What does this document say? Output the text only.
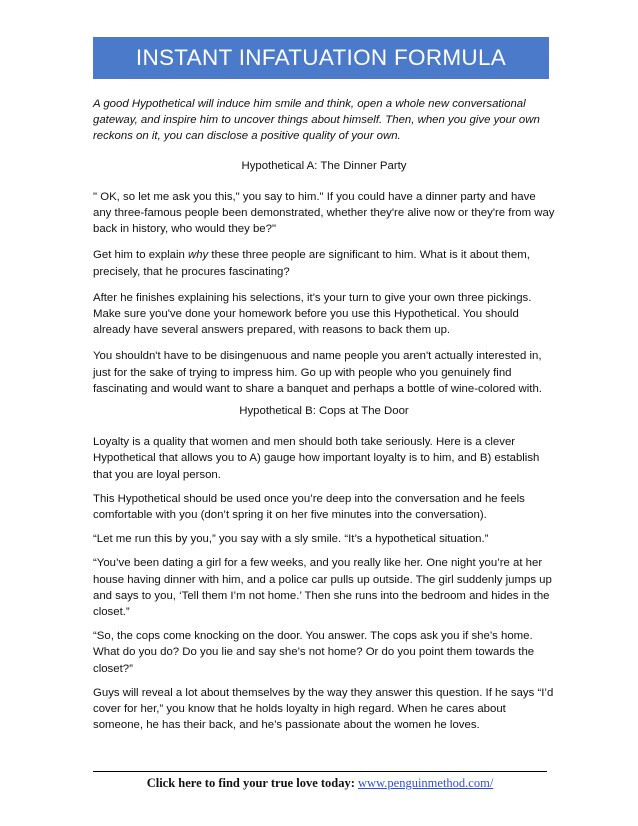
INSTANT INFATUATION FORMULA

A good Hypothetical will induce him smile and think, open a whole new conversational gateway, and inspire him to uncover things about himself. Then, when you give your own reckons on it, you can disclose a positive quality of your own.

Hypothetical A: The Dinner Party

" OK, so let me ask you this," you say to him." If you could have a dinner party and have any three-famous people been demonstrated, whether they're alive now or they're from way back in history, who would they be?"

Get him to explain why these three people are significant to him. What is it about them, precisely, that he procures fascinating?

After he finishes explaining his selections, it's your turn to give your own three pickings. Make sure you've done your homework before you use this Hypothetical. You should already have several answers prepared, with reasons to back them up.

You shouldn't have to be disingenuous and name people you aren't actually interested in, just for the sake of trying to impress him. Go up with people who you genuinely find fascinating and would want to share a banquet and perhaps a bottle of wine-colored with.

Hypothetical B: Cops at The Door

Loyalty is a quality that women and men should both take seriously. Here is a clever Hypothetical that allows you to A) gauge how important loyalty is to him, and B) establish that you are loyal person.

This Hypothetical should be used once you’re deep into the conversation and he feels comfortable with you (don’t spring it on her five minutes into the conversation).

“Let me run this by you,” you say with a sly smile. “It’s a hypothetical situation.”

“You’ve been dating a girl for a few weeks, and you really like her. One night you’re at her house having dinner with him, and a police car pulls up outside. The girl suddenly jumps up and says to you, ‘Tell them I’m not home.’ Then she runs into the bedroom and hides in the closet.”

“So, the cops come knocking on the door. You answer. The cops ask you if she’s home. What do you do? Do you lie and say she’s not home? Or do you point them towards the closet?”

Guys will reveal a lot about themselves by the way they answer this question. If he says “I’d cover for her,” you know that he holds loyalty in high regard. When he cares about someone, he has their back, and he’s passionate about the women he loves.

Click here to find your true love today: www.penguinmethod.com/
